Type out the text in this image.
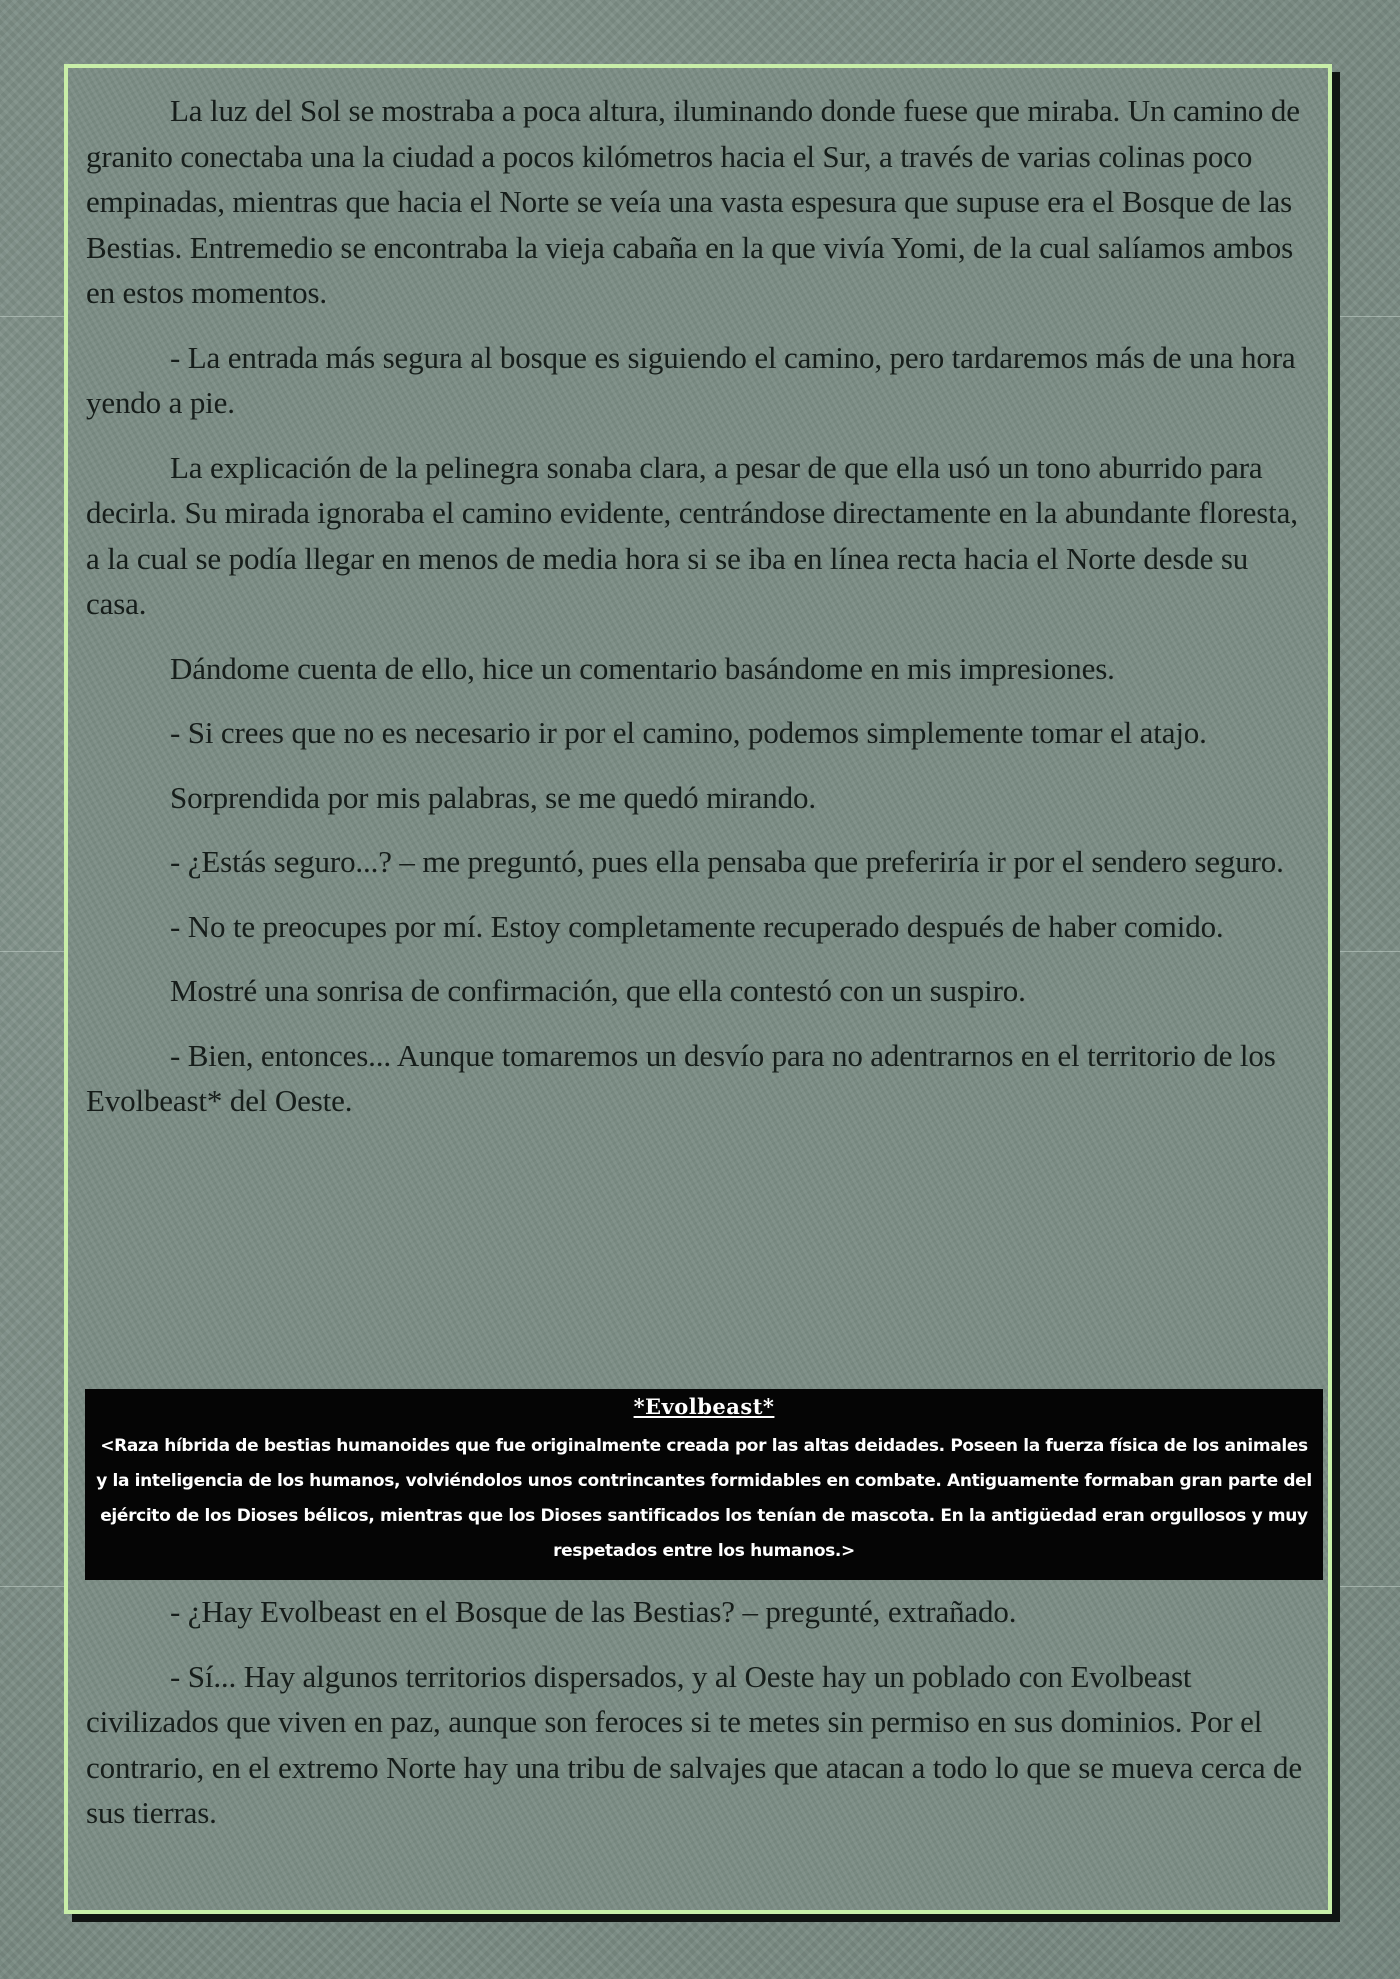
La luz del Sol se mostraba a poca altura, iluminando donde fuese que miraba. Un camino de granito conectaba una la ciudad a pocos kilómetros hacia el Sur, a través de varias colinas poco empinadas, mientras que hacia el Norte se veía una vasta espesura que supuse era el Bosque de las Bestias. Entremedio se encontraba la vieja cabaña en la que vivía Yomi, de la cual salíamos ambos en estos momentos.

- La entrada más segura al bosque es siguiendo el camino, pero tardaremos más de una hora yendo a pie.

La explicación de la pelinegra sonaba clara, a pesar de que ella usó un tono aburrido para decirla. Su mirada ignoraba el camino evidente, centrándose directamente en la abundante floresta, a la cual se podía llegar en menos de media hora si se iba en línea recta hacia el Norte desde su casa.

Dándome cuenta de ello, hice un comentario basándome en mis impresiones.

- Si crees que no es necesario ir por el camino, podemos simplemente tomar el atajo.

Sorprendida por mis palabras, se me quedó mirando.

- ¿Estás seguro...? – me preguntó, pues ella pensaba que preferiría ir por el sendero seguro.

- No te preocupes por mí. Estoy completamente recuperado después de haber comido.

Mostré una sonrisa de confirmación, que ella contestó con un suspiro.

- Bien, entonces... Aunque tomaremos un desvío para no adentrarnos en el territorio de los Evolbeast* del Oeste.

*Evolbeast*

<Raza híbrida de bestias humanoides que fue originalmente creada por las altas deidades. Poseen la fuerza física de los animales y la inteligencia de los humanos, volviéndolos unos contrincantes formidables en combate. Antiguamente formaban gran parte del ejército de los Dioses bélicos, mientras que los Dioses santificados los tenían de mascota. En la antigüedad eran orgullosos y muy respetados entre los humanos.>

- ¿Hay Evolbeast en el Bosque de las Bestias? – pregunté, extrañado.

- Sí... Hay algunos territorios dispersados, y al Oeste hay un poblado con Evolbeast civilizados que viven en paz, aunque son feroces si te metes sin permiso en sus dominios. Por el contrario, en el extremo Norte hay una tribu de salvajes que atacan a todo lo que se mueva cerca de sus tierras.
